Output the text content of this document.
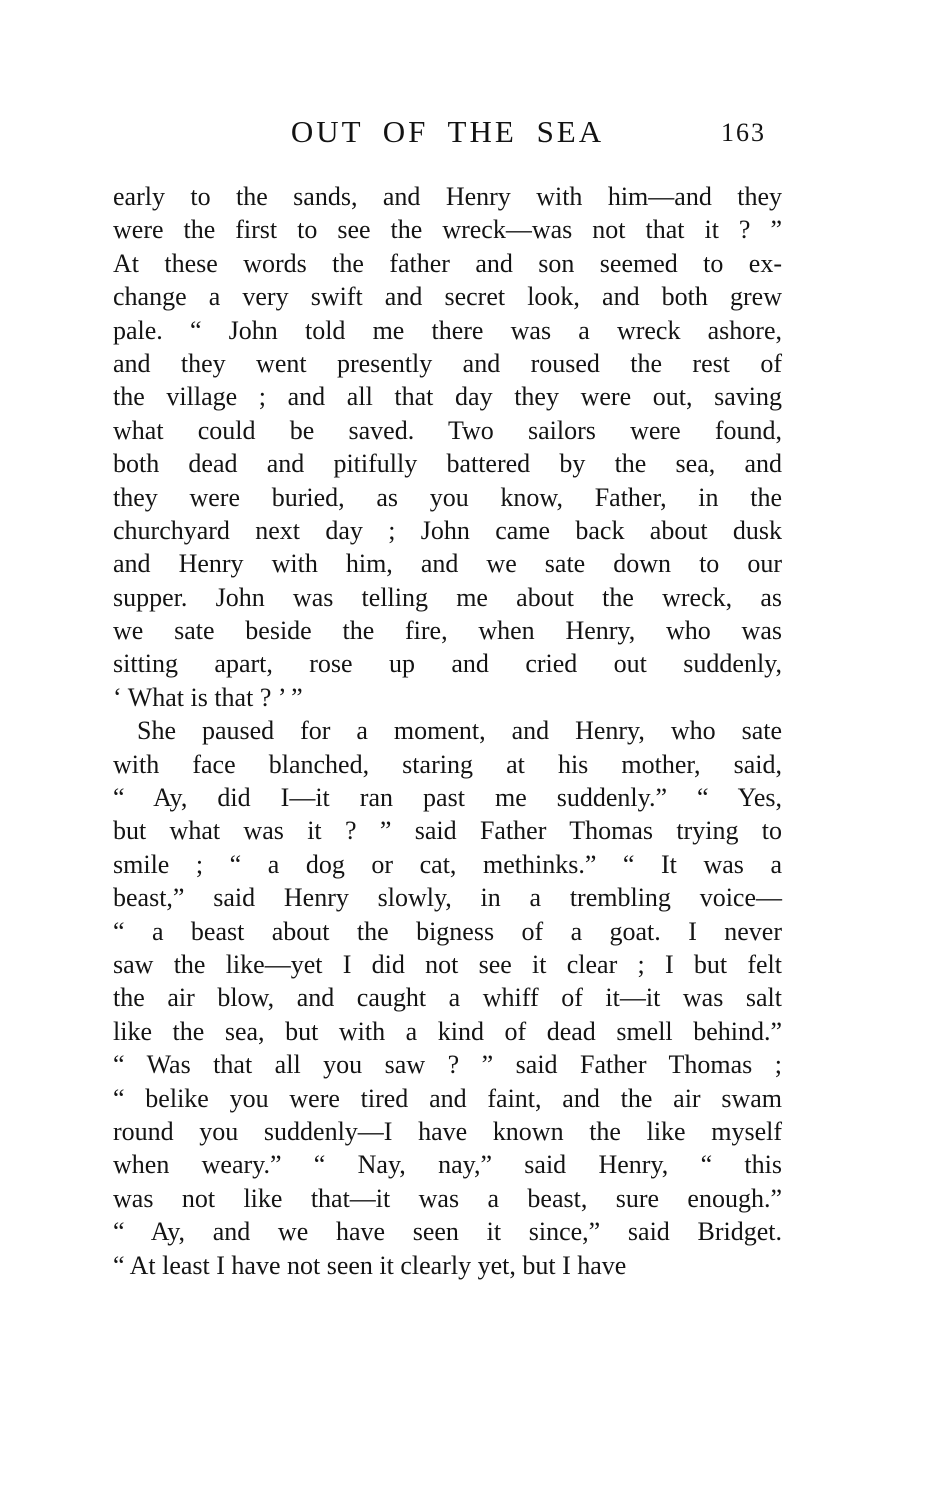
OUT OF THE SEA	163
early to the sands, and Henry with him—and they
were the first to see the wreck—was not that it ? ”
At these words the father and son seemed to ex-
change a very swift and secret look, and both grew
pale. “ John told me there was a wreck ashore,
and they went presently and roused the rest of
the village ; and all that day they were out, saving
what could be saved. Two sailors were found,
both dead and pitifully battered by the sea, and
they were buried, as you know, Father, in the
churchyard next day ; John came back about dusk
and Henry with him, and we sate down to our
supper. John was telling me about the wreck, as
we sate beside the fire, when Henry, who was
sitting apart, rose up and cried out suddenly,
‘ What is that ? ’ ”
She paused for a moment, and Henry, who sate
with face blanched, staring at his mother, said,
“ Ay, did I—it ran past me suddenly.” “ Yes,
but what was it ? ” said Father Thomas trying to
smile ; “ a dog or cat, methinks.” “ It was a
beast,” said Henry slowly, in a trembling voice—
“ a beast about the bigness of a goat. I never
saw the like—yet I did not see it clear ; I but felt
the air blow, and caught a whiff of it—it was salt
like the sea, but with a kind of dead smell behind.”
“ Was that all you saw ? ” said Father Thomas ;
“ belike you were tired and faint, and the air swam
round you suddenly—I have known the like myself
when weary.” “ Nay, nay,” said Henry, “ this
was not like that—it was a beast, sure enough.”
“ Ay, and we have seen it since,” said Bridget.
“ At least I have not seen it clearly yet, but I have
